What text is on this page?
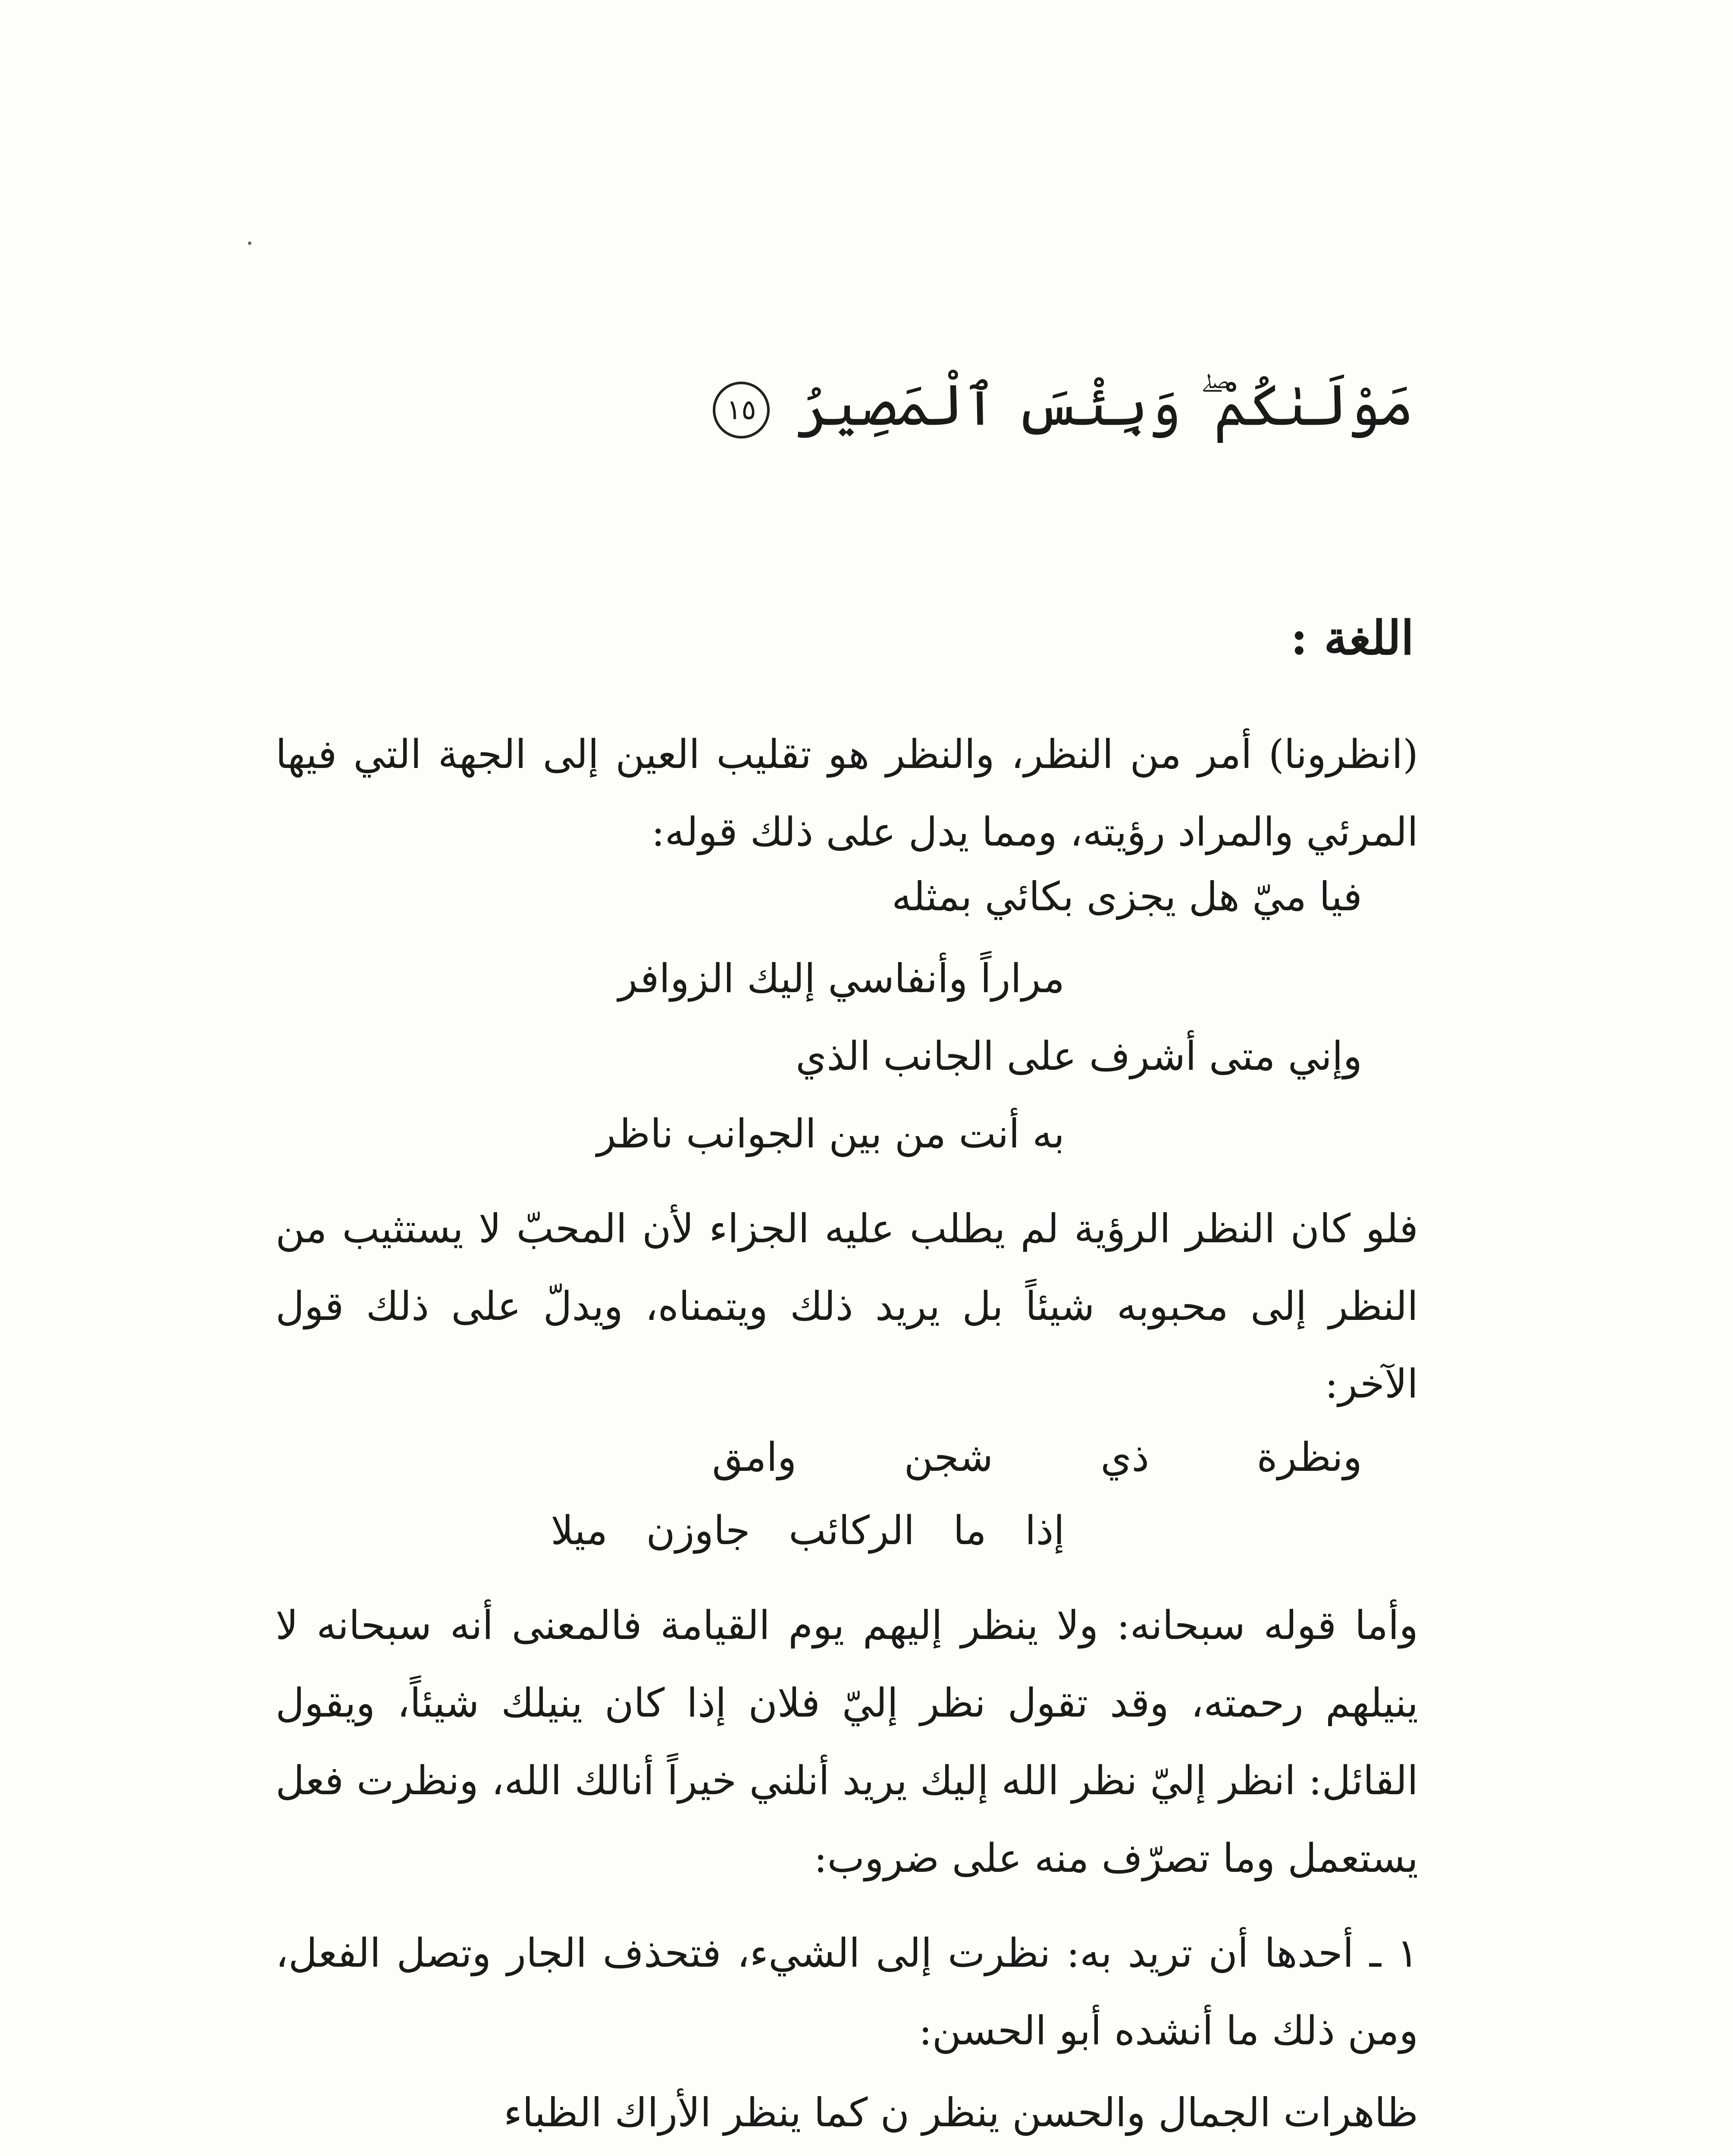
مَوْلَىٰكُمْ ۖ وَبِئْسَ ٱلْمَصِيرُ ١٥
اللغة :
(انظرونا) أمر من النظر، والنظر هو تقليب العين إلى الجهة التي فيها المرئي والمراد رؤيته، ومما يدل على ذلك قوله:
فيا ميّ هل يجزى بكائي بمثله
مراراً وأنفاسي إليك الزوافر
وإني متى أشرف على الجانب الذي
به أنت من بين الجوانب ناظر
فلو كان النظر الرؤية لم يطلب عليه الجزاء لأن المحبّ لا يستثيب من النظر إلى محبوبه شيئاً بل يريد ذلك ويتمناه، ويدلّ على ذلك قول الآخر:
ونظرة ذي شجن وامق
إذا ما الركائب جاوزن ميلا
وأما قوله سبحانه: ولا ينظر إليهم يوم القيامة فالمعنى أنه سبحانه لا ينيلهم رحمته، وقد تقول نظر إليّ فلان إذا كان ينيلك شيئاً، ويقول القائل: انظر إليّ نظر الله إليك يريد أنلني خيراً أنالك الله، ونظرت فعل يستعمل وما تصرّف منه على ضروب:
١ ـ أحدها أن تريد به: نظرت إلى الشيء، فتحذف الجار وتصل الفعل، ومن ذلك ما أنشده أبو الحسن:
ظاهرات الجمال والحسن ينظر ن كما ينظر الأراك الظباء
